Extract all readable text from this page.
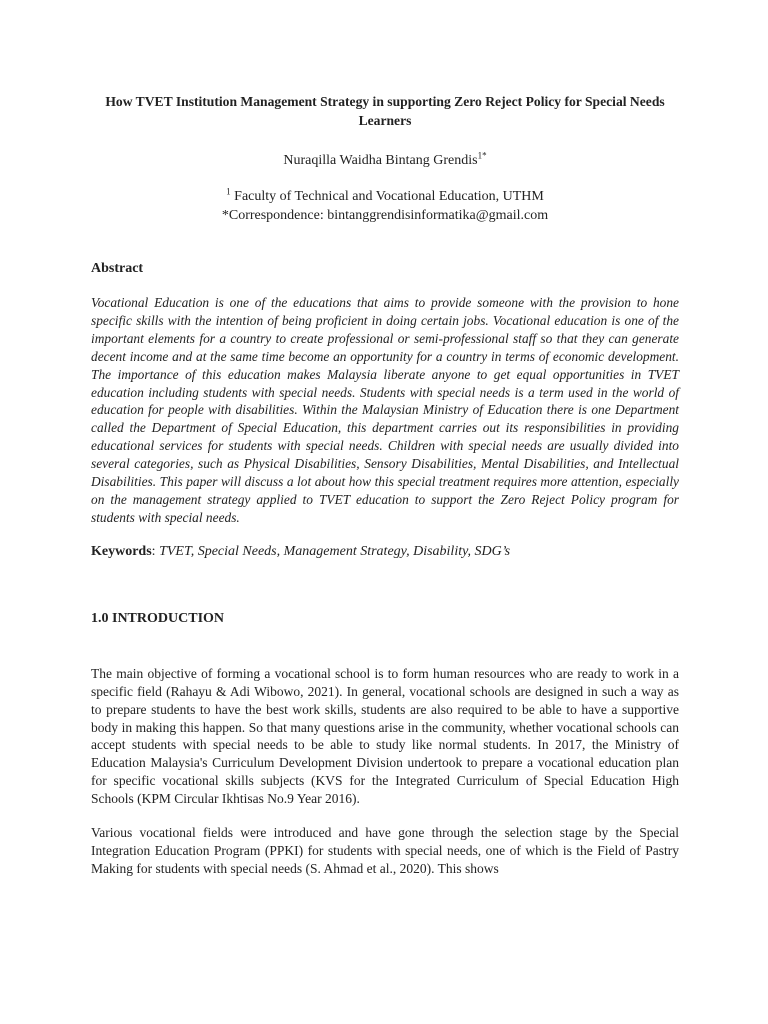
How TVET Institution Management Strategy in supporting Zero Reject Policy for Special Needs Learners
Nuraqilla Waidha Bintang Grendis$^{1*}$
$^1$ Faculty of Technical and Vocational Education, UTHM
*Correspondence: bintanggrendisinformatika@gmail.com
Abstract

Vocational Education is one of the educations that aims to provide someone with the provision to hone specific skills with the intention of being proficient in doing certain jobs. Vocational education is one of the important elements for a country to create professional or semi-professional staff so that they can generate decent income and at the same time become an opportunity for a country in terms of economic development. The importance of this education makes Malaysia liberate anyone to get equal opportunities in TVET education including students with special needs. Students with special needs is a term used in the world of education for people with disabilities. Within the Malaysian Ministry of Education there is one Department called the Department of Special Education, this department carries out its responsibilities in providing educational services for students with special needs. Children with special needs are usually divided into several categories, such as Physical Disabilities, Sensory Disabilities, Mental Disabilities, and Intellectual Disabilities. This paper will discuss a lot about how this special treatment requires more attention, especially on the management strategy applied to TVET education to support the Zero Reject Policy program for students with special needs.

Keywords: TVET, Special Needs, Management Strategy, Disability, SDG’s
1.0 INTRODUCTION

The main objective of forming a vocational school is to form human resources who are ready to work in a specific field (Rahayu & Adi Wibowo, 2021). In general, vocational schools are designed in such a way as to prepare students to have the best work skills, students are also required to be able to have a supportive body in making this happen. So that many questions arise in the community, whether vocational schools can accept students with special needs to be able to study like normal students. In 2017, the Ministry of Education Malaysia's Curriculum Development Division undertook to prepare a vocational education plan for specific vocational skills subjects (KVS for the Integrated Curriculum of Special Education High Schools (KPM Circular Ikhtisas No.9 Year 2016).

Various vocational fields were introduced and have gone through the selection stage by the Special Integration Education Program (PPKI) for students with special needs, one of which is the Field of Pastry Making for students with special needs (S. Ahmad et al., 2020). This shows
